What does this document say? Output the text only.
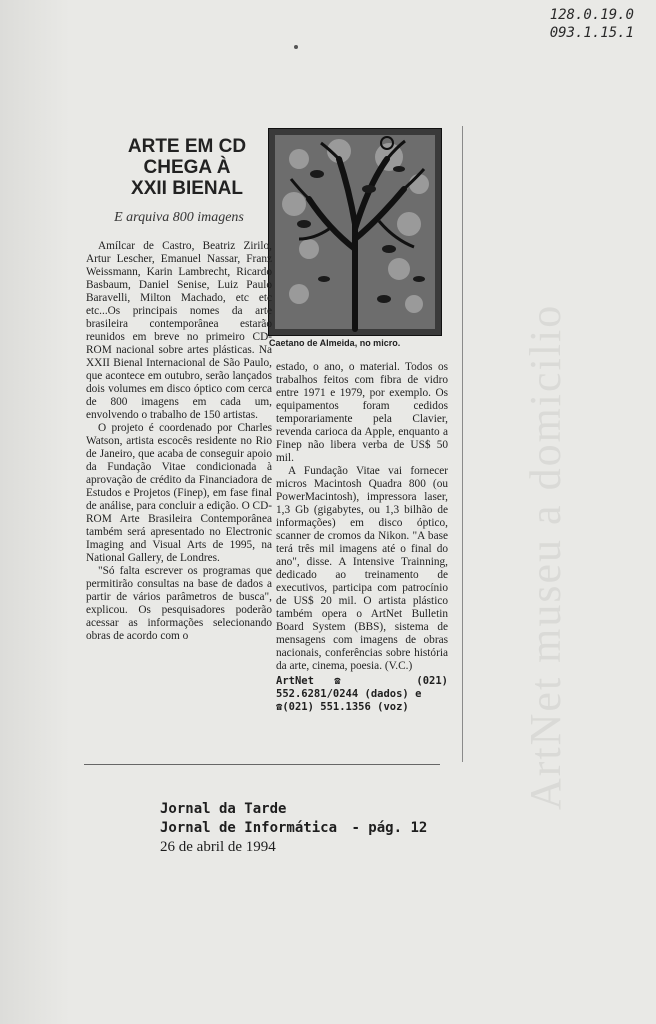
ArtNet museu a domicilio
128.0.19.0
093.1.15.1
ARTE EM CD
CHEGA À
XXII BIENAL
E arquiva 800 imagens
Caetano de Almeida, no micro.

Amílcar de Castro, Beatriz Zirilo, Artur Lescher, Emanuel Nassar, Franz Weissmann, Karin Lambrecht, Ricardo Basbaum, Daniel Senise, Luiz Paulo Baravelli, Milton Machado, etc etc etc...Os principais nomes da arte brasileira contemporânea estarão reunidos em breve no primeiro CD-ROM nacional sobre artes plásticas. Na XXII Bienal Internacional de São Paulo, que acontece em outubro, serão lançados dois volumes em disco óptico com cerca de 800 imagens em cada um, envolvendo o trabalho de 150 artistas.

O projeto é coordenado por Charles Watson, artista escocês residente no Rio de Janeiro, que acaba de conseguir apoio da Fundação Vitae condicionada à aprovação de crédito da Financiadora de Estudos e Projetos (Finep), em fase final de análise, para concluir a edição. O CD-ROM Arte Brasileira Contemporânea também será apresentado no Electronic Imaging and Visual Arts de 1995, na National Gallery, de Londres.

"Só falta escrever os programas que permitirão consultas na base de dados a partir de vários parâmetros de busca", explicou. Os pesquisadores poderão acessar as informações selecionando obras de acordo com o

estado, o ano, o material. Todos os trabalhos feitos com fibra de vidro entre 1971 e 1979, por exemplo. Os equipamentos foram cedidos temporariamente pela Clavier, revenda carioca da Apple, enquanto a Finep não libera verba de US$ 50 mil.

A Fundação Vitae vai fornecer micros Macintosh Quadra 800 (ou PowerMacintosh), impressora laser, 1,3 Gb (gigabytes, ou 1,3 bilhão de informações) em disco óptico, scanner de cromos da Nikon. "A base terá três mil imagens até o final do ano", disse. A Intensive Trainning, dedicado ao treinamento de executivos, participa com patrocínio de US$ 20 mil. O artista plástico também opera o ArtNet Bulletin Board System (BBS), sistema de mensagens com imagens de obras nacionais, conferências sobre história da arte, cinema, poesia. (V.C.)

ArtNet ☎	(021)
552.6281/0244 (dados) e
☎(021) 551.1356 (voz)
Jornal da Tarde
Jornal de Informática - pág. 12
26 de abril de 1994
